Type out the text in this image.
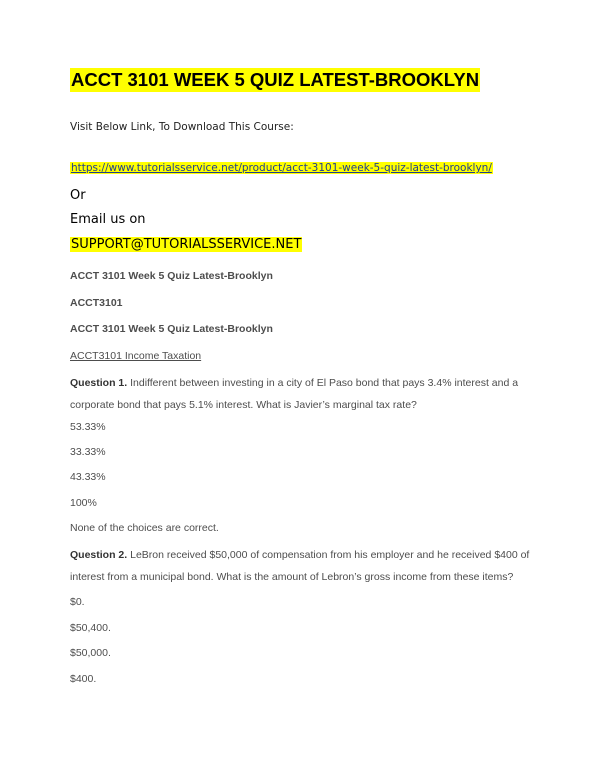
ACCT 3101 WEEK 5 QUIZ LATEST-BROOKLYN
Visit Below Link, To Download This Course:
https://www.tutorialsservice.net/product/acct-3101-week-5-quiz-latest-brooklyn/
Or
Email us on
SUPPORT@TUTORIALSSERVICE.NET
ACCT 3101 Week 5 Quiz Latest-Brooklyn
ACCT3101
ACCT 3101 Week 5 Quiz Latest-Brooklyn
ACCT3101 Income Taxation
Question 1. Indifferent between investing in a city of El Paso bond that pays 3.4% interest and a corporate bond that pays 5.1% interest. What is Javier’s marginal tax rate?
53.33%
33.33%
43.33%
100%
None of the choices are correct.
Question 2. LeBron received $50,000 of compensation from his employer and he received $400 of interest from a municipal bond. What is the amount of Lebron’s gross income from these items?
$0.
$50,400.
$50,000.
$400.
